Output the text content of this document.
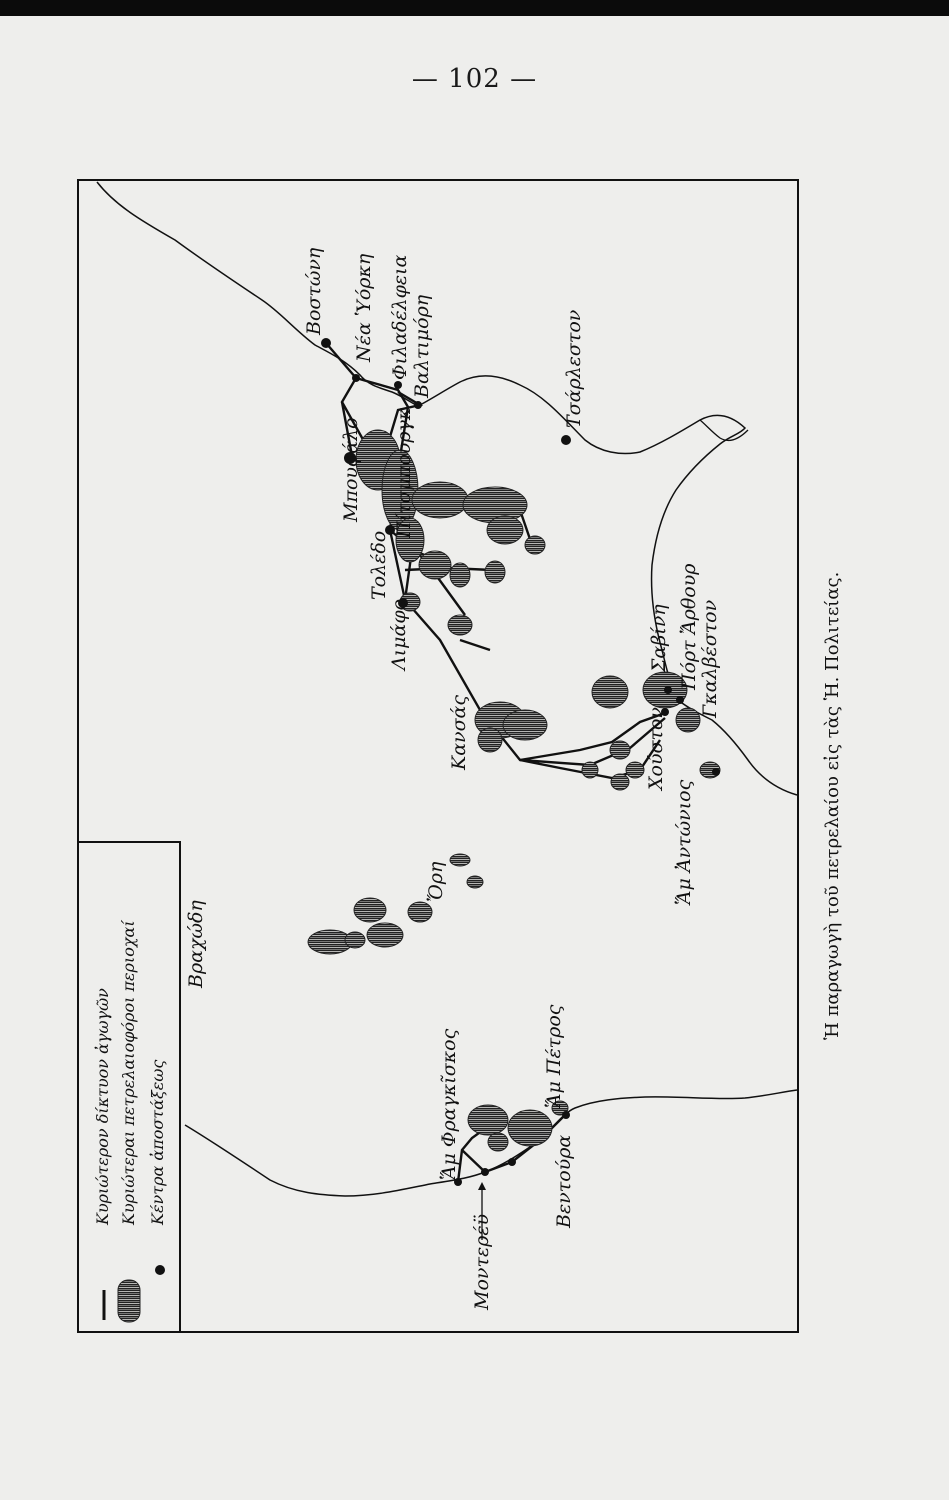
— 102 —
Βοστώνη Νέα Ὑόρκη Φιλαδέλφεια Βαλτιμόρη	Τσάρλεστον
Μπουφάλο Πίτσμπουργκ
Τολέδο
Λιμάφο
Κανσάς
Σαβίνη Πόρτ Ἄρθουρ Γκαλβέστον
Χούστον
Ἅμ Ἀντώνιος
Ὄρη
Βραχώδη
Ἅμ Φραγκῖσκος	Ἅμ Πέτρος
Μοντερέϋ
Βεντούρα
Κυριώτερον δίκτυον ἀγωγῶν Κυριώτεραι πετρελαιοφόροι περιοχαί Κέντρα ἀποστάξεως
Ἡ παραγωγὴ τοῦ πετρελαίου εἰς τὰς Ἡ. Πολιτείας.
